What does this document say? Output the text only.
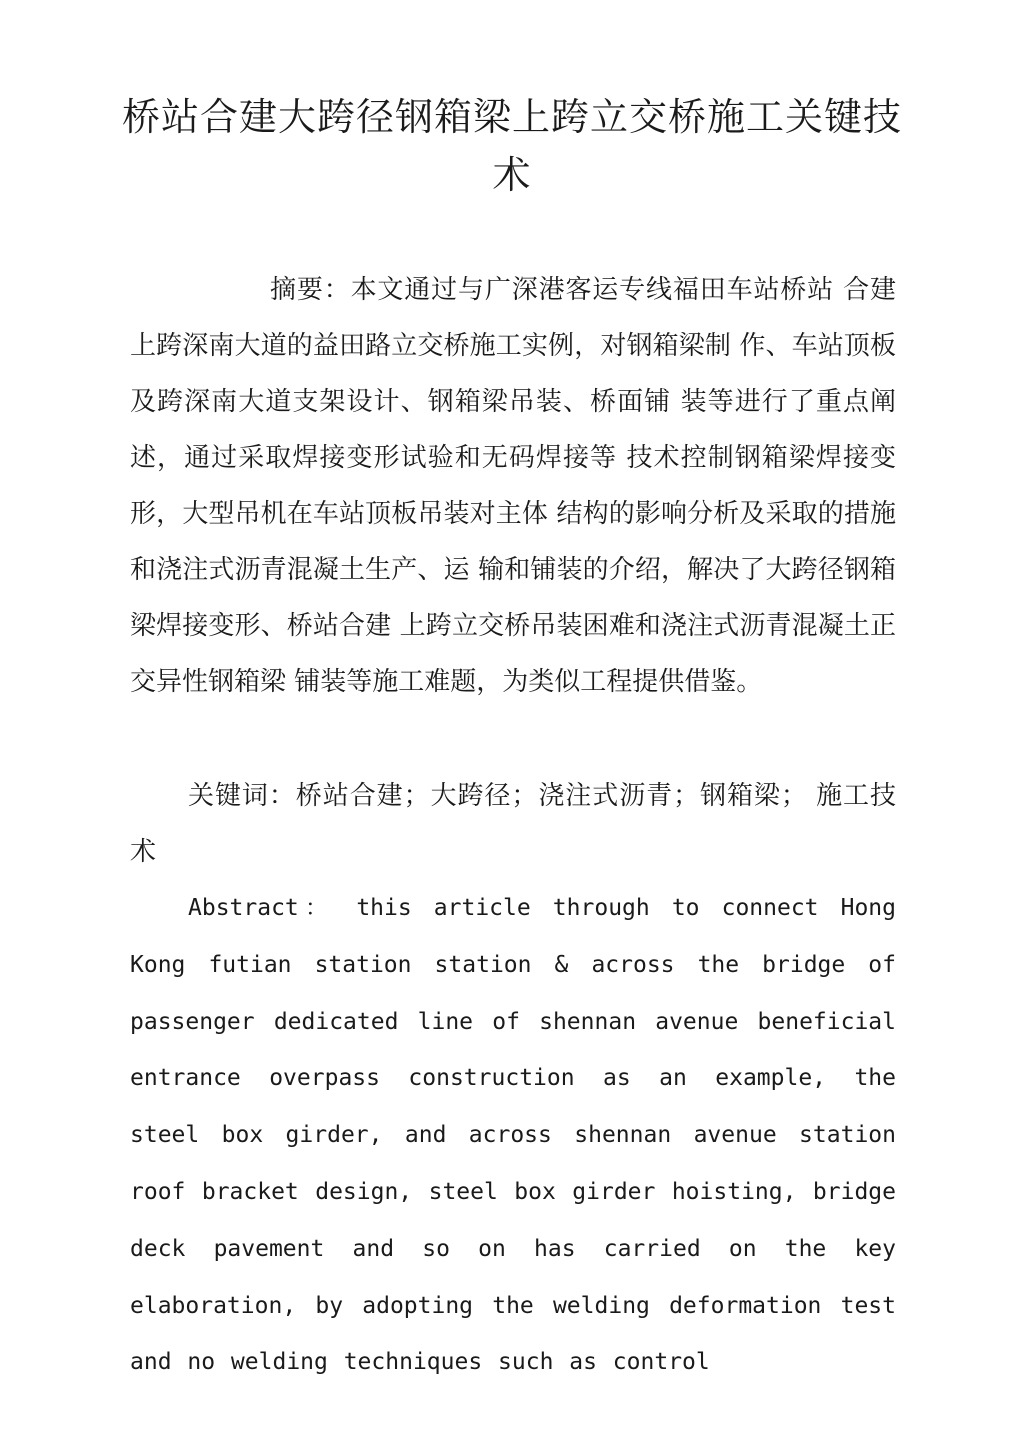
桥站合建大跨径钢箱梁上跨立交桥施工关键技术

摘要：本文通过与广深港客运专线福田车站桥站 合建上跨深南大道的益田路立交桥施工实例，对钢箱梁制 作、车站顶板及跨深南大道支架设计、钢箱梁吊装、桥面铺 装等进行了重点阐述，通过采取焊接变形试验和无码焊接等 技术控制钢箱梁焊接变形，大型吊机在车站顶板吊装对主体 结构的影响分析及采取的措施和浇注式沥青混凝土生产、运 输和铺装的介绍，解决了大跨径钢箱梁焊接变形、桥站合建 上跨立交桥吊装困难和浇注式沥青混凝土正交异性钢箱梁 铺装等施工难题，为类似工程提供借鉴。

关键词：桥站合建；大跨径；浇注式沥青；钢箱梁； 施工技术

Abstract： this article through to connect Hong Kong futian station station & across the bridge of passenger dedicated line of shennan avenue beneficial entrance overpass construction as an example, the steel box girder, and across shennan avenue station roof bracket design, steel box girder hoisting, bridge deck pavement and so on has carried on the key elaboration, by adopting the welding deformation test and no welding techniques such as control
